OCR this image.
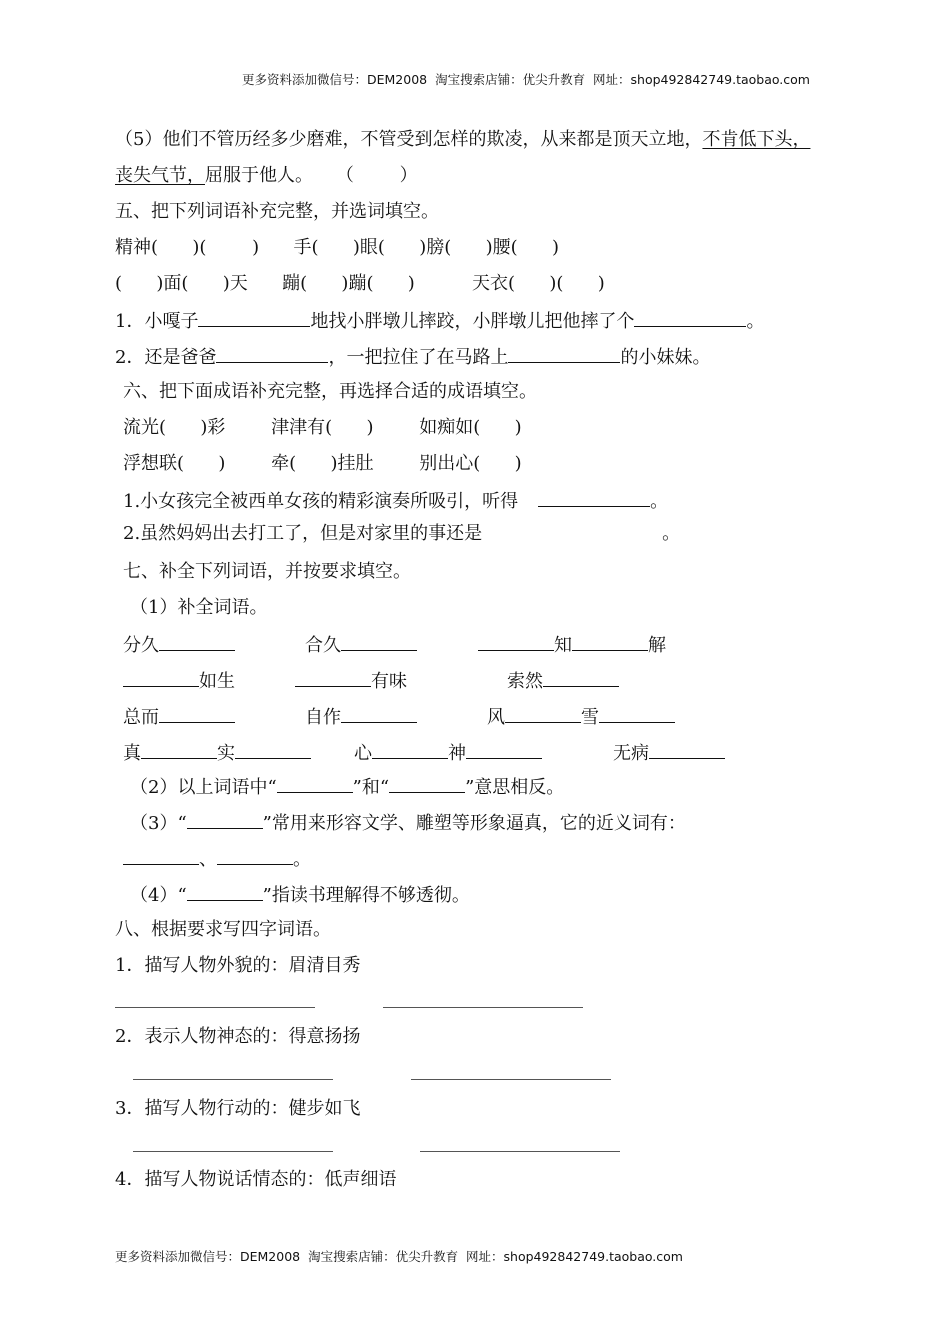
更多资料添加微信号：DEM2008  淘宝搜索店铺：优尖升教育  网址：shop492842749.taobao.com
（5）他们不管历经多少磨难，不管受到怎样的欺凌，从来都是顶天立地，不肯低下头，
丧失气节，屈服于他人。    （        ）
五、把下列词语补充完整，并选词填空。
精神(      )(        )      手(      )眼(      )膀(      )腰(      )
(      )面(      )天      蹦(      )蹦(      )          天衣(      )(      )
1．小嘎子	地找小胖墩儿摔跤，小胖墩儿把他摔了个	。
2．还是爸爸	，一把拉住了在马路上	的小妹妹。
六、把下面成语补充完整，再选择合适的成语填空。
流光(      )彩        津津有(      )        如痴如(      )
浮想联(      )        牵(      )挂肚        别出心(      )
1.小女孩完全被西单女孩的精彩演奏所吸引，听得	。
2.虽然妈妈出去打工了，但是对家里的事还是	。
七、补全下列词语，并按要求填空。
（1）补全词语。
分久	合久	知	解
如生	有味	索然
总而	自作	风	雪
真	实	心	神	无病
（2）以上词语中“	”和“	”意思相反。
（3）“	”常用来形容文学、雕塑等形象逼真，它的近义词有：
、	。
（4）“	”指读书理解得不够透彻。
八、根据要求写四字词语。
1．描写人物外貌的：眉清目秀
2．表示人物神态的：得意扬扬
3．描写人物行动的：健步如飞
4．描写人物说话情态的：低声细语
更多资料添加微信号：DEM2008  淘宝搜索店铺：优尖升教育  网址：shop492842749.taobao.com
